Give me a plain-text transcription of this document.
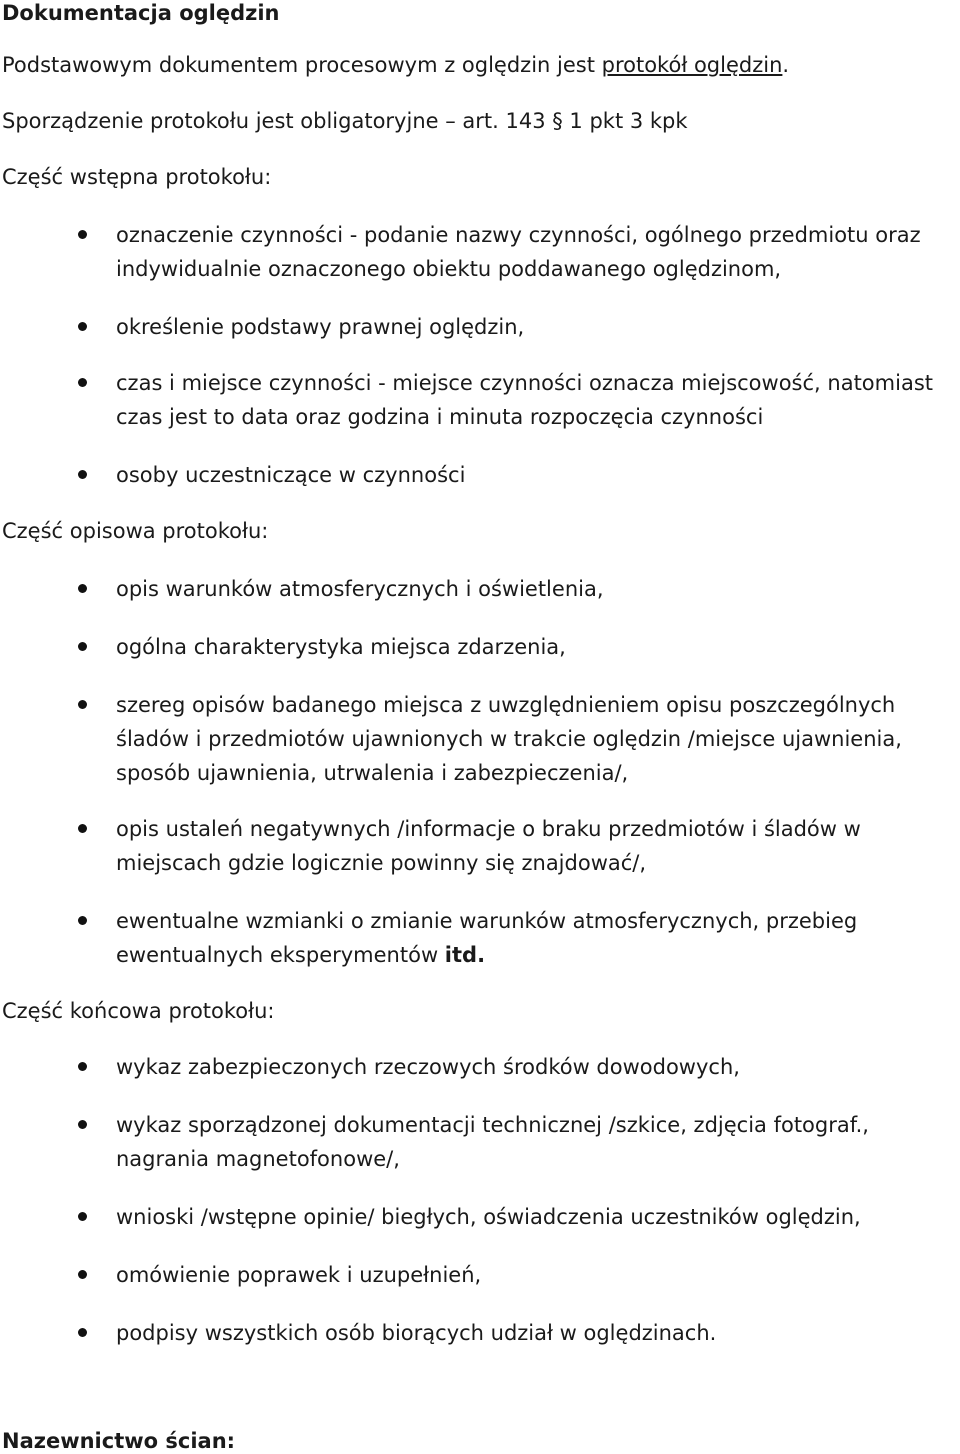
Dokumentacja oględzin
Podstawowym dokumentem procesowym z oględzin jest protokół oględzin.
Sporządzenie protokołu jest obligatoryjne – art. 143 § 1 pkt 3 kpk
Część wstępna protokołu:
oznaczenie czynności - podanie nazwy czynności, ogólnego przedmiotu oraz indywidualnie oznaczonego obiektu poddawanego oględzinom,
określenie podstawy prawnej oględzin,
czas i miejsce czynności - miejsce czynności oznacza miejscowość, natomiast czas jest to data oraz godzina i minuta rozpoczęcia czynności
osoby uczestniczące w czynności
Część opisowa protokołu:
opis warunków atmosferycznych i oświetlenia,
ogólna charakterystyka miejsca zdarzenia,
szereg opisów badanego miejsca z uwzględnieniem opisu poszczególnych śladów i przedmiotów ujawnionych w trakcie oględzin /miejsce ujawnienia, sposób ujawnienia, utrwalenia i zabezpieczenia/,
opis ustaleń negatywnych /informacje o braku przedmiotów i śladów w miejscach gdzie logicznie powinny się znajdować/,
ewentualne wzmianki o zmianie warunków atmosferycznych, przebieg ewentualnych eksperymentów itd.
Część końcowa protokołu:
wykaz zabezpieczonych rzeczowych środków dowodowych,
wykaz sporządzonej dokumentacji technicznej /szkice, zdjęcia fotograf., nagrania magnetofonowe/,
wnioski /wstępne opinie/ biegłych, oświadczenia uczestników oględzin,
omówienie poprawek i uzupełnień,
podpisy wszystkich osób biorących udział w oględzinach.
Nazewnictwo ścian:
